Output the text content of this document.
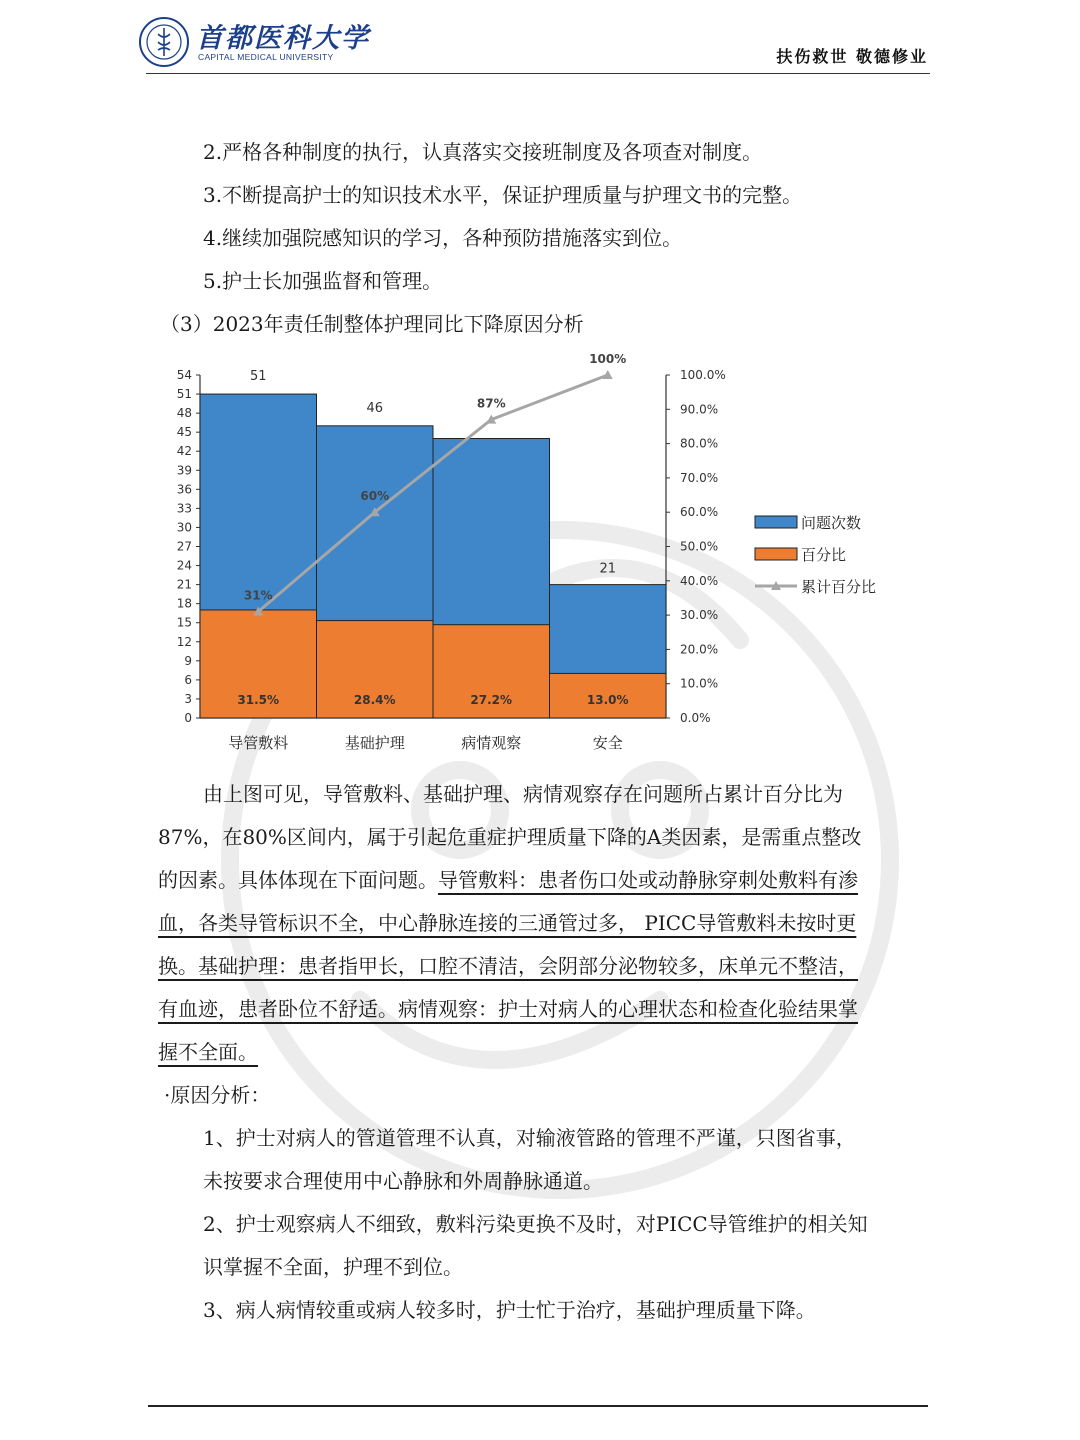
首都医科大学
CAPITAL MEDICAL UNIVERSITY	扶伤救世 敬德修业
2.严格各种制度的执行，认真落实交接班制度及各项查对制度。
3.不断提高护士的知识技术水平，保证护理质量与护理文书的完整。
4.继续加强院感知识的学习，各种预防措施落实到位。
5.护士长加强监督和管理。
（3）2023年责任制整体护理同比下降原因分析
0
3
6
9
12
15
18
21
24
27
30
33
36
39
42
45
48
51
54
0.0%
10.0%
20.0%
30.0%
40.0%
50.0%
60.0%
70.0%
80.0%
90.0%
100.0%
31.5%
51
导管敷料
28.4%
46
基础护理
27.2%
病情观察
13.0%
21
安全
31%
60%
87%
100%
问题次数
百分比
累计百分比
由上图可见，导管敷料、基础护理、病情观察存在问题所占累计百分比为
87%，在80%区间内，属于引起危重症护理质量下降的A类因素，是需重点整改
的因素。具体体现在下面问题。导管敷料：患者伤口处或动静脉穿刺处敷料有渗
血，各类导管标识不全，中心静脉连接的三通管过多， PICC导管敷料未按时更
换。基础护理：患者指甲长，口腔不清洁，会阴部分泌物较多，床单元不整洁，
有血迹，患者卧位不舒适。病情观察：护士对病人的心理状态和检查化验结果掌
握不全面。
·原因分析：
1、护士对病人的管道管理不认真，对输液管路的管理不严谨，只图省事，
未按要求合理使用中心静脉和外周静脉通道。
2、护士观察病人不细致，敷料污染更换不及时，对PICC导管维护的相关知
识掌握不全面，护理不到位。
3、病人病情较重或病人较多时，护士忙于治疗，基础护理质量下降。
